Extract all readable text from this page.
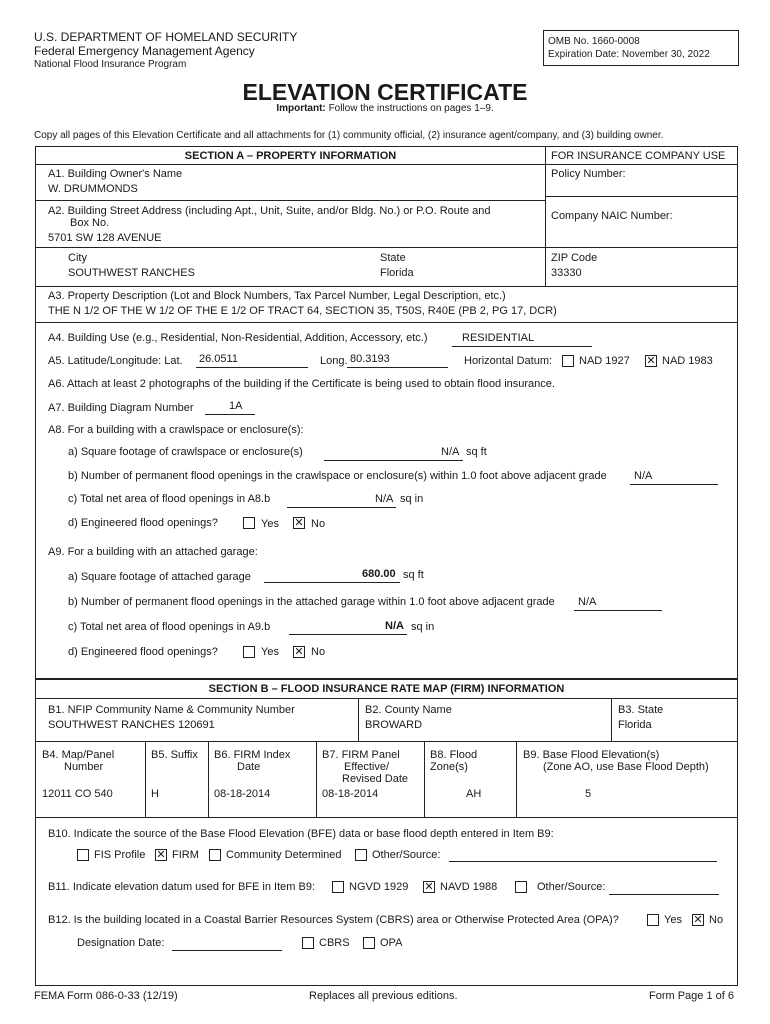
U.S. DEPARTMENT OF HOMELAND SECURITY
Federal Emergency Management Agency
National Flood Insurance Program
OMB No. 1660-0008
Expiration Date: November 30, 2022
ELEVATION CERTIFICATE
Important: Follow the instructions on pages 1–9.
Copy all pages of this Elevation Certificate and all attachments for (1) community official, (2) insurance agent/company, and (3) building owner.
SECTION A – PROPERTY INFORMATION	FOR INSURANCE COMPANY USE
A1. Building Owner's Name
W. DRUMMONDS
Policy Number:
A2. Building Street Address (including Apt., Unit, Suite, and/or Bldg. No.) or P.O. Route and
Box No.
5701 SW 128 AVENUE
Company NAIC Number:
City
SOUTHWEST RANCHES
State
Florida
ZIP Code
33330
A3. Property Description (Lot and Block Numbers, Tax Parcel Number, Legal Description, etc.)
THE N 1/2 OF THE W 1/2 OF THE E 1/2 OF TRACT 64, SECTION 35, T50S, R40E (PB 2, PG 17, DCR)
A4. Building Use (e.g., Residential, Non-Residential, Addition, Accessory, etc.)	RESIDENTIAL
A5. Latitude/Longitude: Lat. 26.0511	Long. 80.3193	Horizontal Datum: NAD 1927 ✕ NAD 1983
A6. Attach at least 2 photographs of the building if the Certificate is being used to obtain flood insurance.
A7. Building Diagram Number	1A
A8. For a building with a crawlspace or enclosure(s):
a) Square footage of crawlspace or enclosure(s)	N/A sq ft
b) Number of permanent flood openings in the crawlspace or enclosure(s) within 1.0 foot above adjacent grade N/A
c) Total net area of flood openings in A8.b	N/A sq in
d) Engineered flood openings?	Yes ✕ No
A9. For a building with an attached garage:
a) Square footage of attached garage	680.00 sq ft
b) Number of permanent flood openings in the attached garage within 1.0 foot above adjacent grade N/A
c) Total net area of flood openings in A9.b	N/A sq in
d) Engineered flood openings?	Yes ✕ No
SECTION B – FLOOD INSURANCE RATE MAP (FIRM) INFORMATION
B1. NFIP Community Name & Community Number
SOUTHWEST RANCHES 120691
B2. County Name
BROWARD
B3. State
Florida
B4. Map/Panel
Number
12011 CO 540
B5. Suffix
H
B6. FIRM Index
Date
08-18-2014
B7. FIRM Panel
Effective/
Revised Date
08-18-2014
B8. Flood
Zone(s)
AH
B9. Base Flood Elevation(s)
(Zone AO, use Base Flood Depth)
5
B10. Indicate the source of the Base Flood Elevation (BFE) data or base flood depth entered in Item B9:
FIS Profile ✕ FIRM Community Determined	Other/Source:
B11. Indicate elevation datum used for BFE in Item B9:	NGVD 1929 ✕ NAVD 1988	Other/Source:
B12. Is the building located in a Coastal Barrier Resources System (CBRS) area or Otherwise Protected Area (OPA)?	Yes ✕ No
Designation Date:	CBRS	OPA
FEMA Form 086-0-33 (12/19)	Replaces all previous editions.	Form Page 1 of 6
